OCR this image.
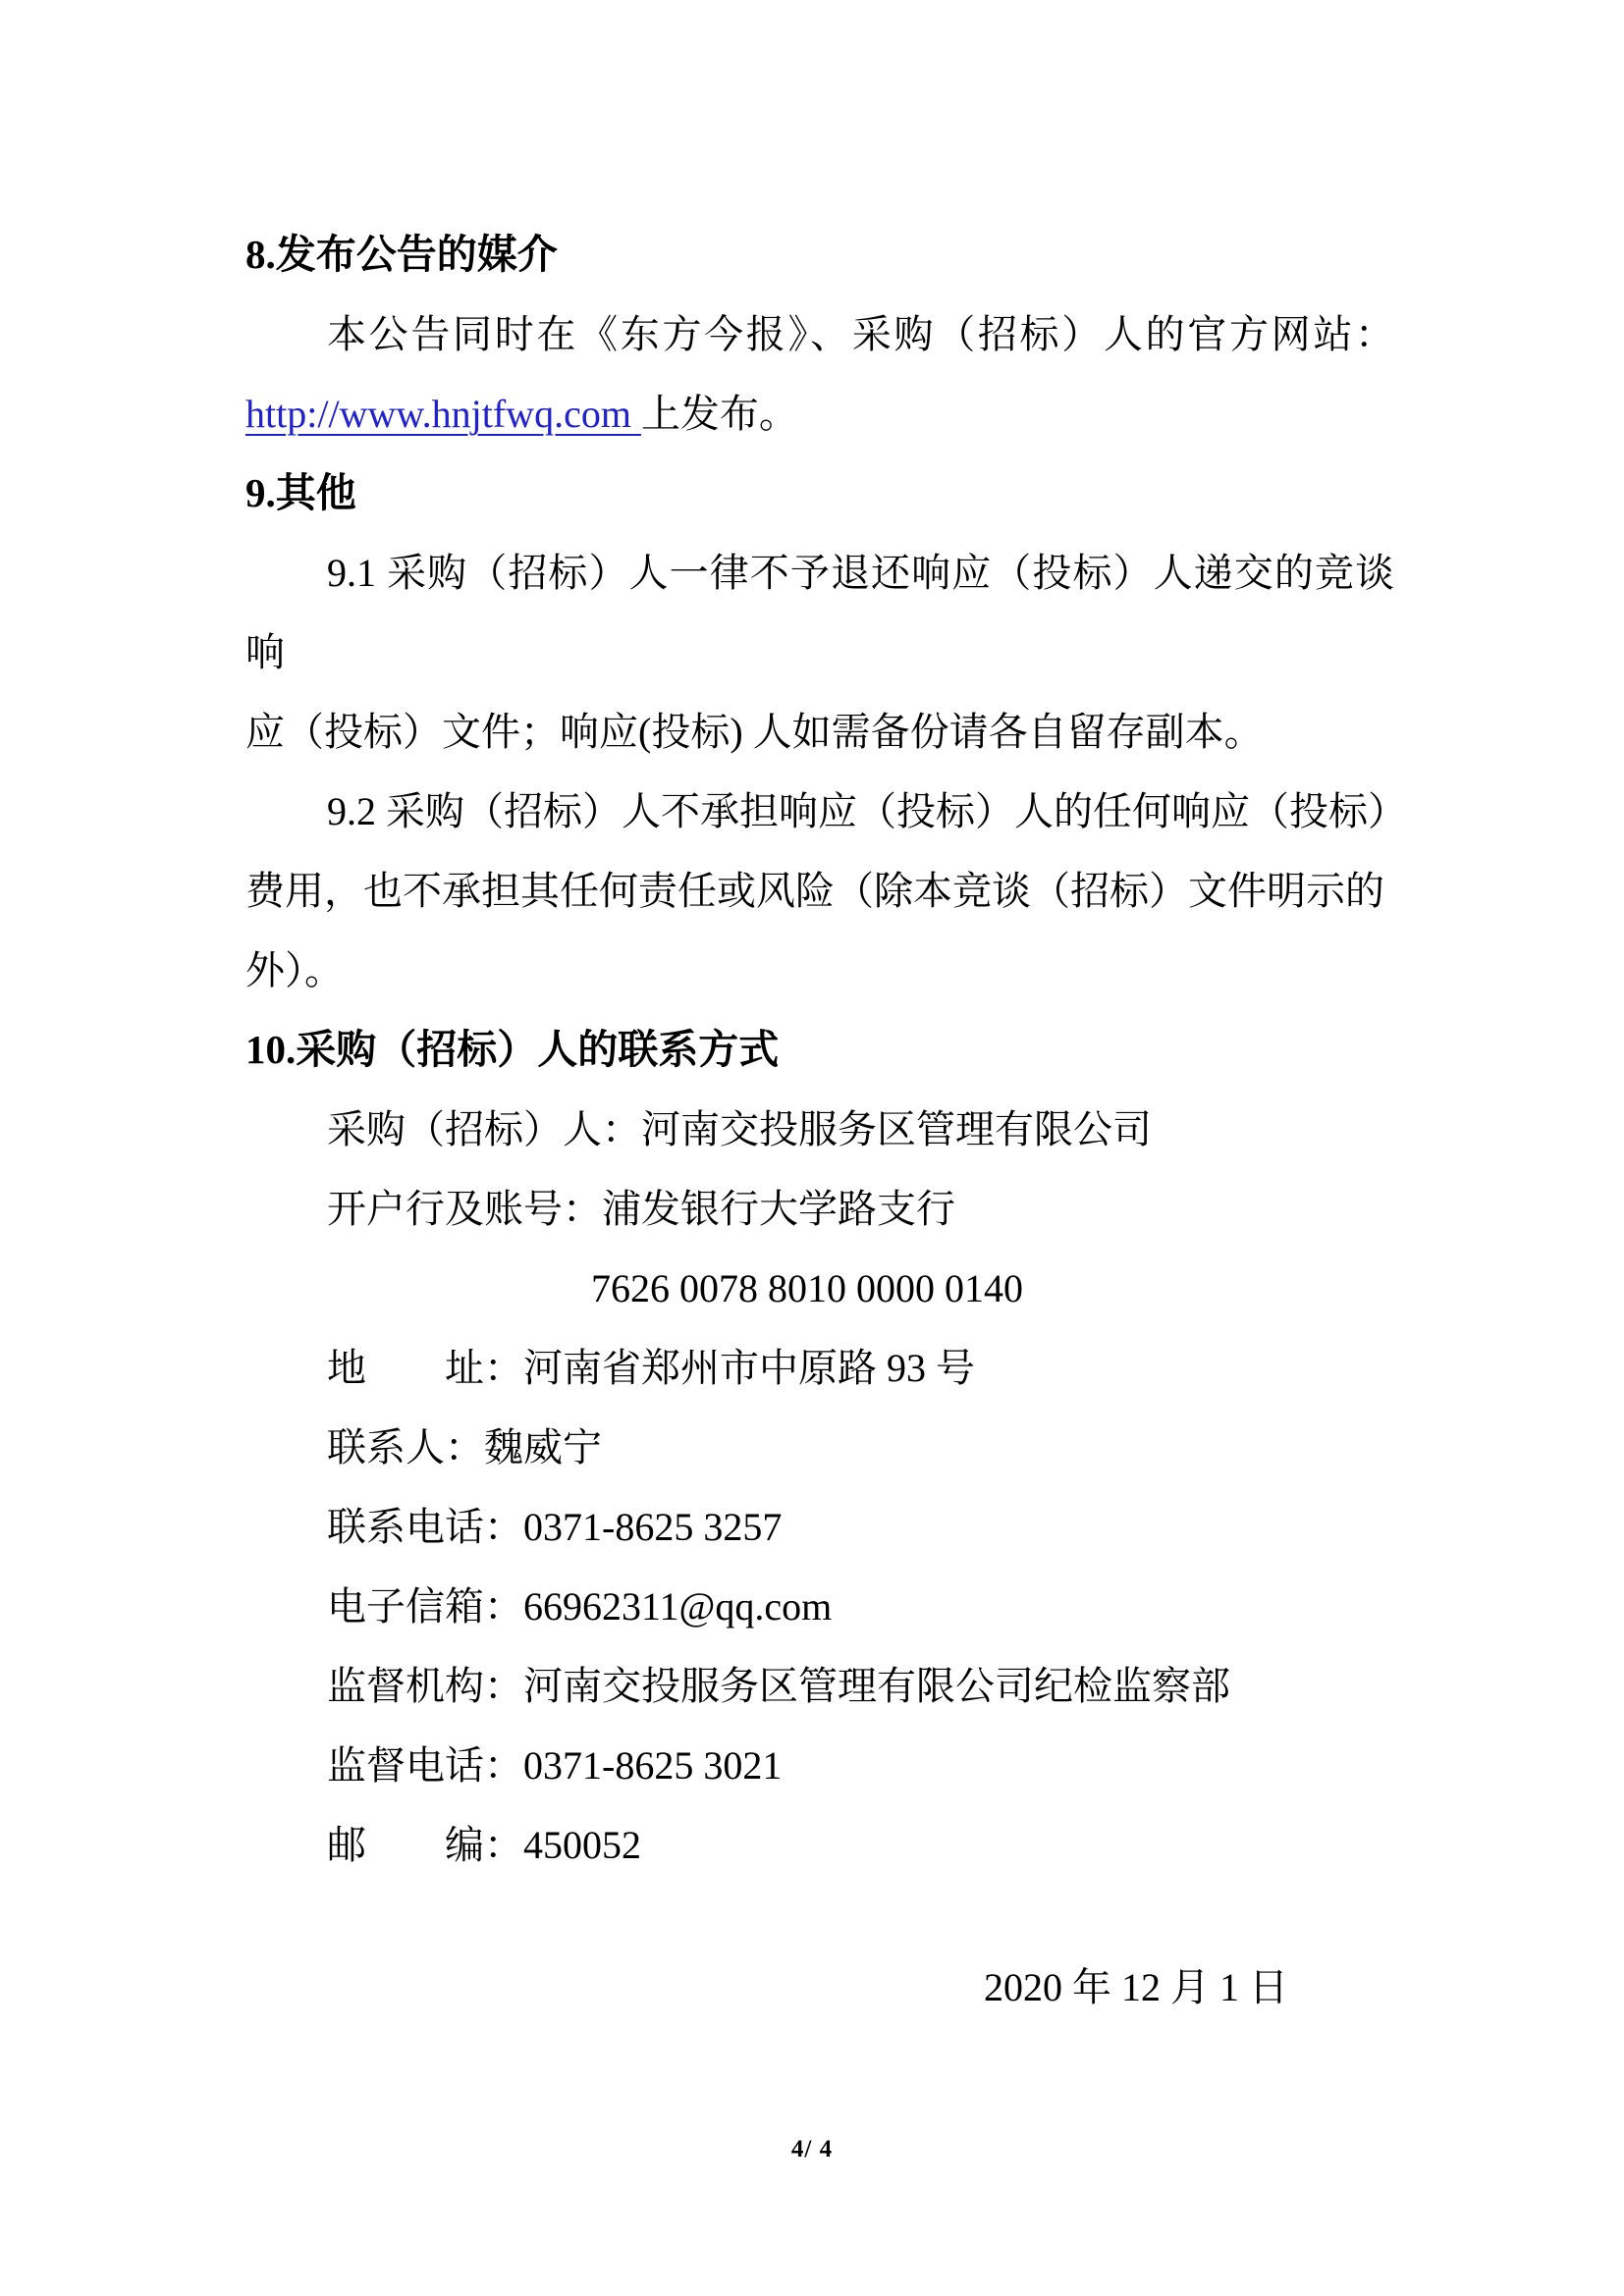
8.发布公告的媒介
本公告同时在《东方今报》、采购（招标）人的官方网站：
http://www.hnjtfwq.com 上发布。
9.其他
9.1 采购（招标）人一律不予退还响应（投标）人递交的竞谈响
应（投标）文件；响应(投标) 人如需备份请各自留存副本。
9.2 采购（招标）人不承担响应（投标）人的任何响应（投标）
费用，也不承担其任何责任或风险（除本竞谈（招标）文件明示的外）。
10.采购（招标）人的联系方式
采购（招标）人：河南交投服务区管理有限公司
开户行及账号：浦发银行大学路支行
7626 0078 8010 0000 0140
地　　址：河南省郑州市中原路 93 号
联系人：魏威宁
联系电话：0371-8625 3257
电子信箱：66962311@qq.com
监督机构：河南交投服务区管理有限公司纪检监察部
监督电话：0371-8625 3021
邮　　编：450052
2020 年 12 月 1 日
4/ 4
